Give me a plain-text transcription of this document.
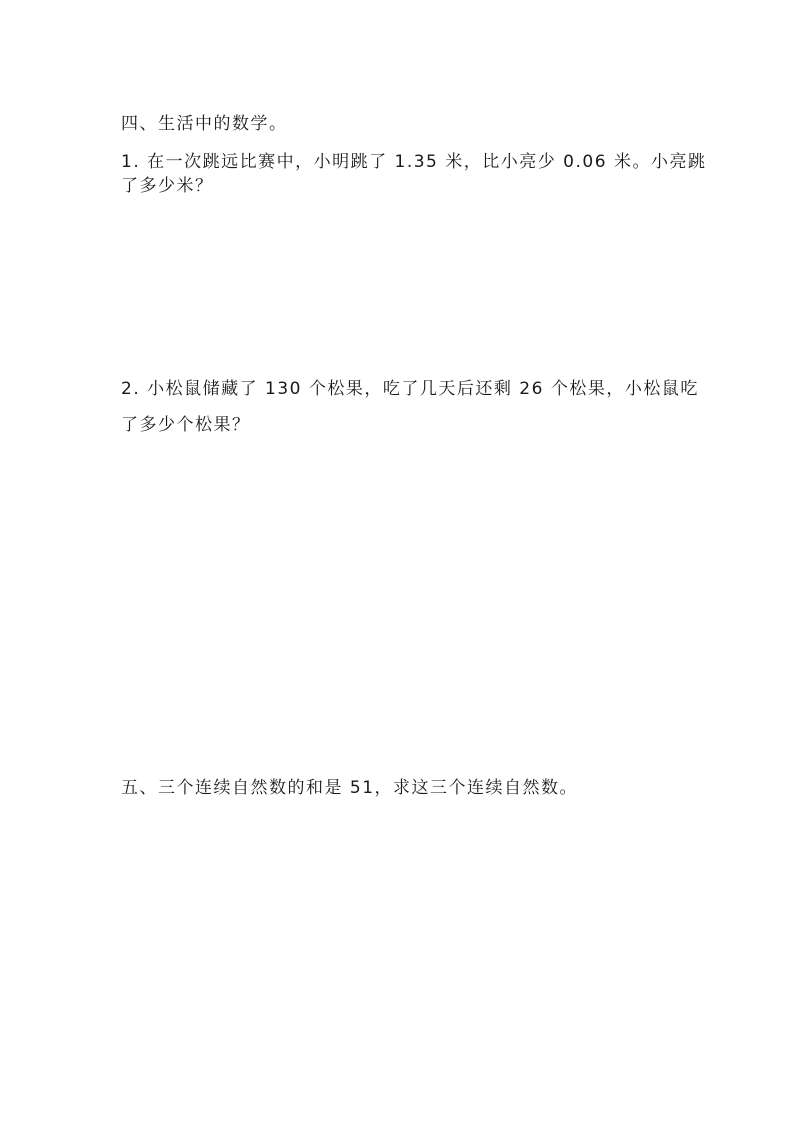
四、生活中的数学。
1. 在一次跳远比赛中，小明跳了 1.35 米，比小亮少 0.06 米。小亮跳
了多少米？
2. 小松鼠储藏了 130 个松果，吃了几天后还剩 26 个松果，小松鼠吃
了多少个松果？
五、三个连续自然数的和是 51，求这三个连续自然数。
